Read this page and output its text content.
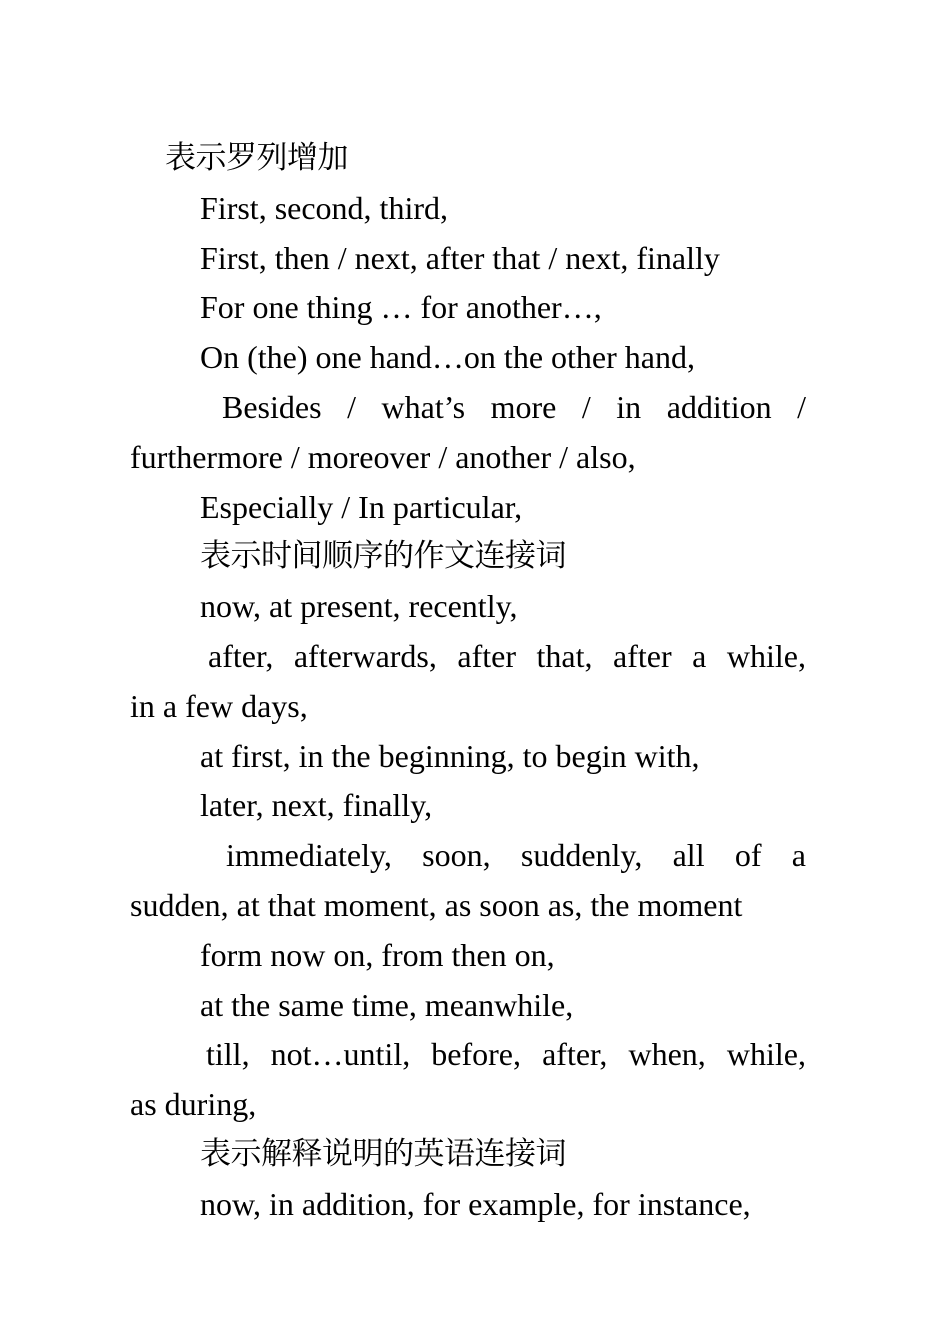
表示罗列增加

First, second, third,

First, then / next, after that / next, finally

For one thing … for another…,

On (the) one hand…on the other hand,

Besides / what’s more / in addition /
furthermore / moreover / another / also,

Especially / In particular,

表示时间顺序的作文连接词

now, at present, recently,

after, afterwards, after that, after a while,
in a few days,

at first, in the beginning, to begin with,

later, next, finally,

immediately, soon, suddenly, all of a
sudden, at that moment, as soon as, the moment

form now on, from then on,

at the same time, meanwhile,

till, not…until, before, after, when, while,
as during,

表示解释说明的英语连接词

now, in addition, for example, for instance,
